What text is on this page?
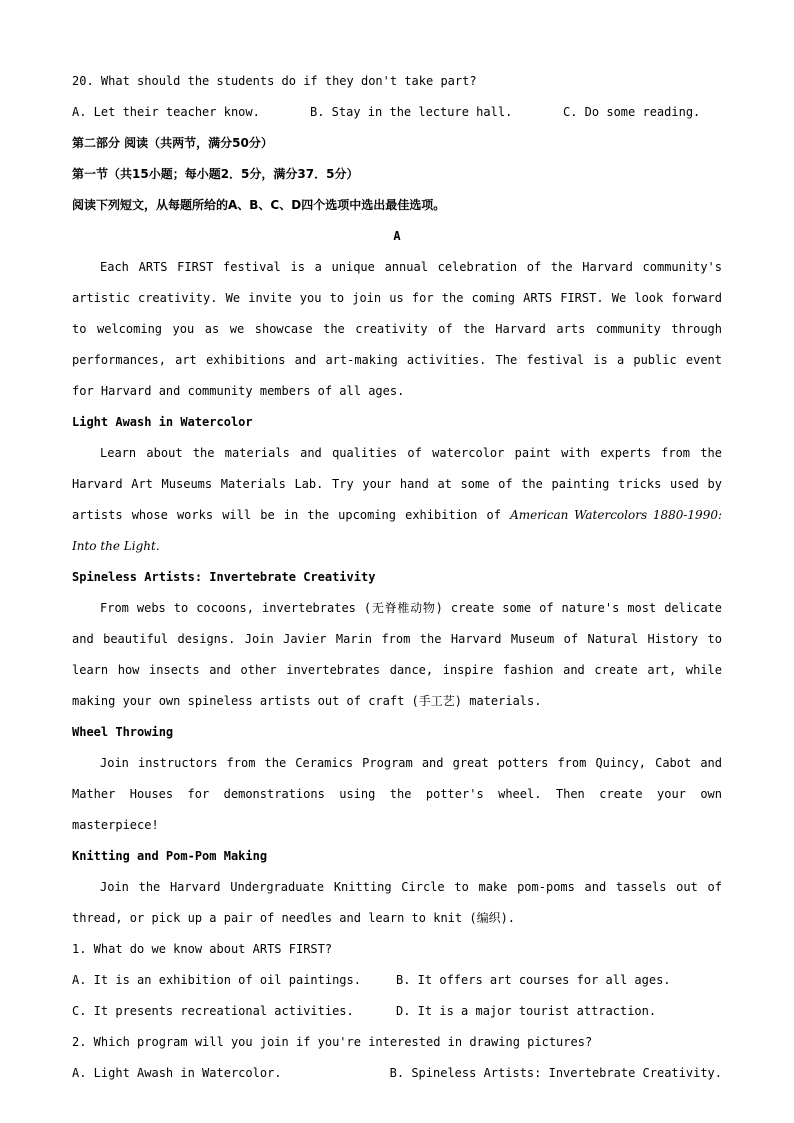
20. What should the students do if they don't take part?
A. Let their teacher know.	B. Stay in the lecture hall.	C. Do some reading.
第二部分 阅读（共两节，满分50分）
第一节（共15小题；每小题2．5分，满分37．5分）
阅读下列短文，从每题所给的A、B、C、D四个选项中选出最佳选项。
A
Each ARTS FIRST festival is a unique annual celebration of the Harvard community's artistic creativity. We invite you to join us for the coming ARTS FIRST. We look forward to welcoming you as we showcase the creativity of the Harvard arts community through performances, art exhibitions and art-making activities. The festival is a public event for Harvard and community members of all ages.
Light Awash in Watercolor
Learn about the materials and qualities of watercolor paint with experts from the Harvard Art Museums Materials Lab. Try your hand at some of the painting tricks used by artists whose works will be in the upcoming exhibition of American Watercolors 1880-1990: Into the Light.
Spineless Artists: Invertebrate Creativity
From webs to cocoons, invertebrates (无脊椎动物) create some of nature's most delicate and beautiful designs. Join Javier Marin from the Harvard Museum of Natural History to learn how insects and other invertebrates dance, inspire fashion and create art, while making your own spineless artists out of craft (手工艺) materials.
Wheel Throwing
Join instructors from the Ceramics Program and great potters from Quincy, Cabot and Mather Houses for demonstrations using the potter's wheel. Then create your own masterpiece!
Knitting and Pom-Pom Making
Join the Harvard Undergraduate Knitting Circle to make pom-poms and tassels out of thread, or pick up a pair of needles and learn to knit (编织).
1. What do we know about ARTS FIRST?
A. It is an exhibition of oil paintings.	B. It offers art courses for all ages.
C. It presents recreational activities.	D. It is a major tourist attraction.
2. Which program will you join if you're interested in drawing pictures?
A. Light Awash in Watercolor.	B. Spineless Artists: Invertebrate Creativity.
